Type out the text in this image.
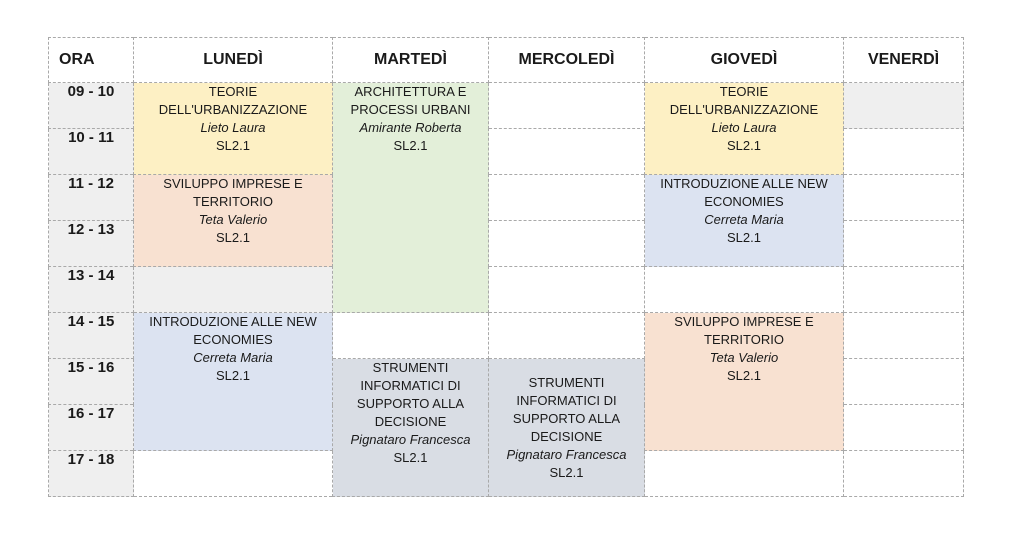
ORA	LUNEDÌ	MARTEDÌ	MERCOLEDÌ	GIOVEDÌ	VENERDÌ
09 - 10	TEORIE DELL'URBANIZZAZIONE
Lieto Laura
SL2.1	ARCHITETTURA E PROCESSI URBANI
Amirante Roberta
SL2.1		TEORIE DELL'URBANIZZAZIONE
Lieto Laura
SL2.1	

10 - 11					
11 - 12	SVILUPPO IMPRESE E TERRITORIO
Teta Valerio
SL2.1			INTRODUZIONE ALLE NEW ECONOMIES
Cerreta Maria
SL2.1	

12 - 13					
13 - 14					
14 - 15	INTRODUZIONE ALLE NEW ECONOMIES
Cerreta Maria
SL2.1			SVILUPPO IMPRESE E TERRITORIO
Teta Valerio
SL2.1	

15 - 16		STRUMENTI INFORMATICI DI SUPPORTO ALLA DECISIONE
Pignataro Francesca
SL2.1	STRUMENTI INFORMATICI DI SUPPORTO ALLA DECISIONE
Pignataro Francesca
SL2.1		

16 - 17					
17 - 18					
